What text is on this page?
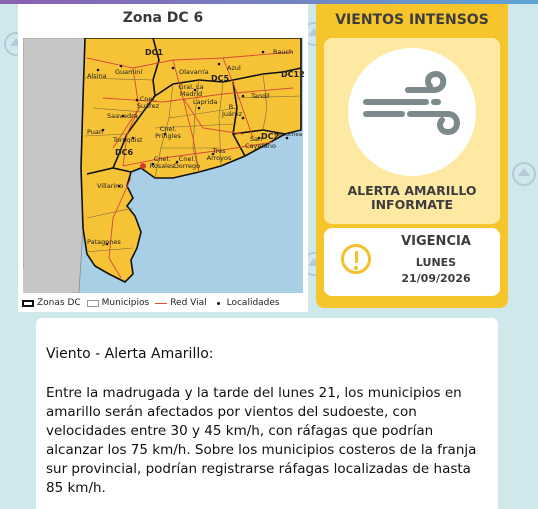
Zona DC 6
DC1
DC5	DC12
DC2
DC6
Rauch
Alsina Guaminí	Olavarría	Azul
Gral. La Madrid	Tandil
Cnel. Suárez	Laprida
B. Juárez
Saavedra
Puan
Tornquist
Cnel. Pringles	San Cayetano
Necochea
Tres Arroyos
Cnel. Rosales
Cnel. Dorrego
Villarino
Patagones
Zonas DC Municipios Red Vial Localidades
VIENTOS INTENSOS
ALERTA AMARILLO
INFORMATE
VIGENCIA
LUNES
21/09/2026
Viento - Alerta Amarillo:
Entre la madrugada y la tarde del lunes 21, los municipios en amarillo serán afectados por vientos del sudoeste, con velocidades entre 30 y 45 km/h, con ráfagas que podrían alcanzar los 75 km/h. Sobre los municipios costeros de la franja sur provincial, podrían registrarse ráfagas localizadas de hasta 85 km/h.
